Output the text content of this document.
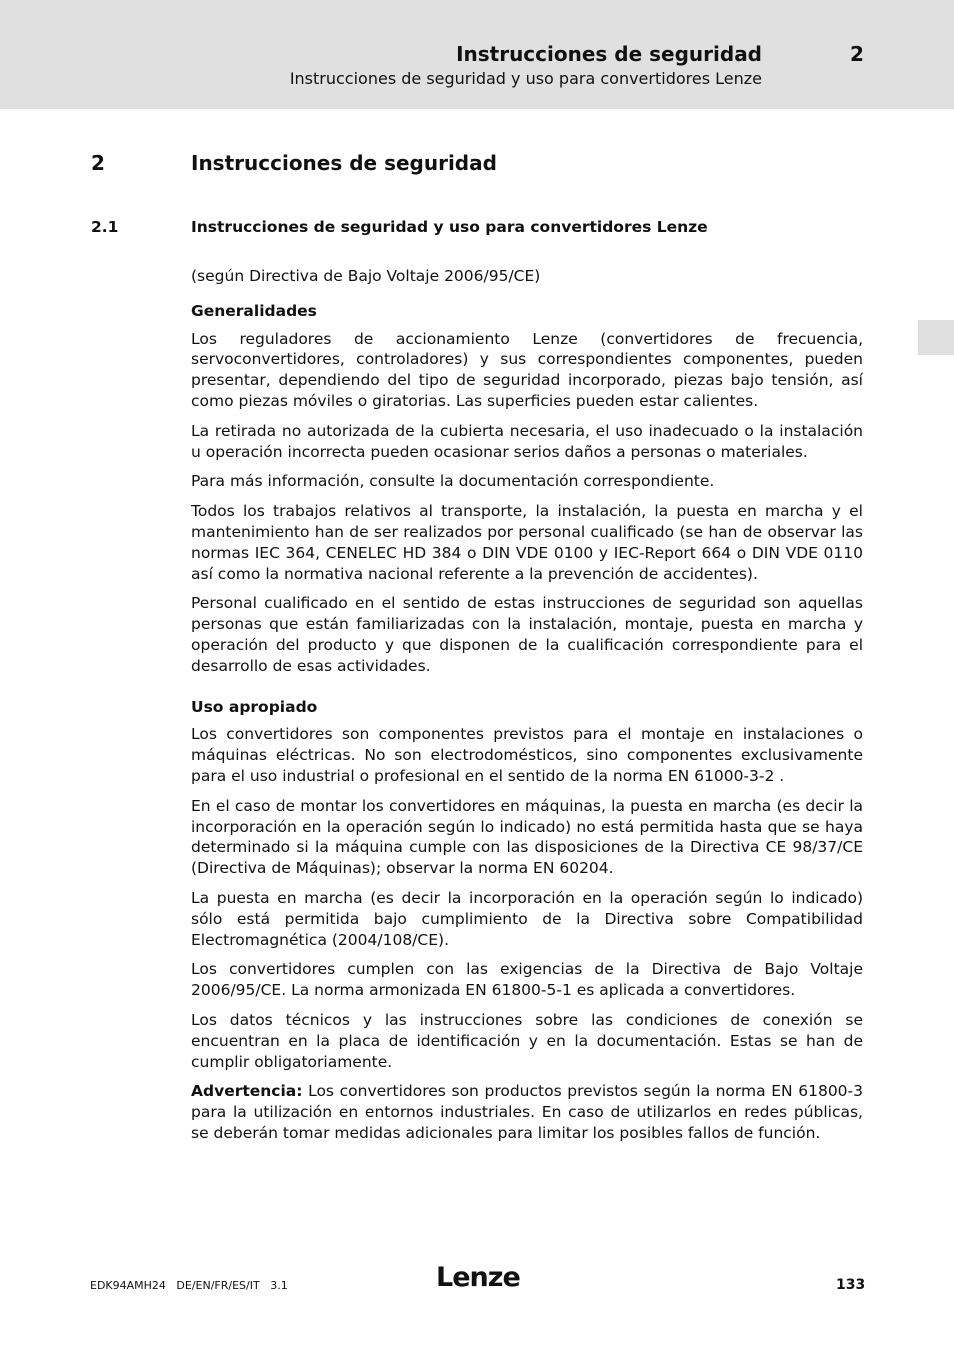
Instrucciones de seguridad	2
Instrucciones de seguridad y uso para convertidores Lenze
2	Instrucciones de seguridad
2.1	Instrucciones de seguridad y uso para convertidores Lenze

(según Directiva de Bajo Voltaje 2006/95/CE)

Generalidades

Los reguladores de accionamiento Lenze (convertidores de frecuencia, servoconvertidores, controladores) y sus correspondientes componentes, pueden presentar, dependiendo del tipo de seguridad incorporado, piezas bajo tensión, así como piezas móviles o giratorias. Las superficies pueden estar calientes.

La retirada no autorizada de la cubierta necesaria, el uso inadecuado o la instalación u operación incorrecta pueden ocasionar serios daños a personas o materiales.

Para más información, consulte la documentación correspondiente.

Todos los trabajos relativos al transporte, la instalación, la puesta en marcha y el mantenimiento han de ser realizados por personal cualificado (se han de observar las normas IEC 364, CENELEC HD 384 o DIN VDE 0100 y IEC-Report 664 o DIN VDE 0110 así como la normativa nacional referente a la prevención de accidentes).

Personal cualificado en el sentido de estas instrucciones de seguridad son aquellas personas que están familiarizadas con la instalación, montaje, puesta en marcha y operación del producto y que disponen de la cualificación correspondiente para el desarrollo de esas actividades.

Uso apropiado

Los convertidores son componentes previstos para el montaje en instalaciones o máquinas eléctricas. No son electrodomésticos, sino componentes exclusivamente para el uso industrial o profesional en el sentido de la norma EN 61000-3-2 .

En el caso de montar los convertidores en máquinas, la puesta en marcha (es decir la incorporación en la operación según lo indicado) no está permitida hasta que se haya determinado si la máquina cumple con las disposiciones de la Directiva CE 98/37/CE (Directiva de Máquinas); observar la norma EN 60204.

La puesta en marcha (es decir la incorporación en la operación según lo indicado) sólo está permitida bajo cumplimiento de la Directiva sobre Compatibilidad Electromagnética (2004/108/CE).

Los convertidores cumplen con las exigencias de la Directiva de Bajo Voltaje 2006/95/CE. La norma armonizada EN 61800-5-1 es aplicada a convertidores.

Los datos técnicos y las instrucciones sobre las condiciones de conexión se encuentran en la placa de identificación y en la documentación. Estas se han de cumplir obligatoriamente.

Advertencia: Los convertidores son productos previstos según la norma EN 61800-3 para la utilización en entornos industriales. En caso de utilizarlos en redes públicas, se deberán tomar medidas adicionales para limitar los posibles fallos de función.

EDK94AMH24 DE/EN/FR/ES/IT 3.1	Lenze	133
